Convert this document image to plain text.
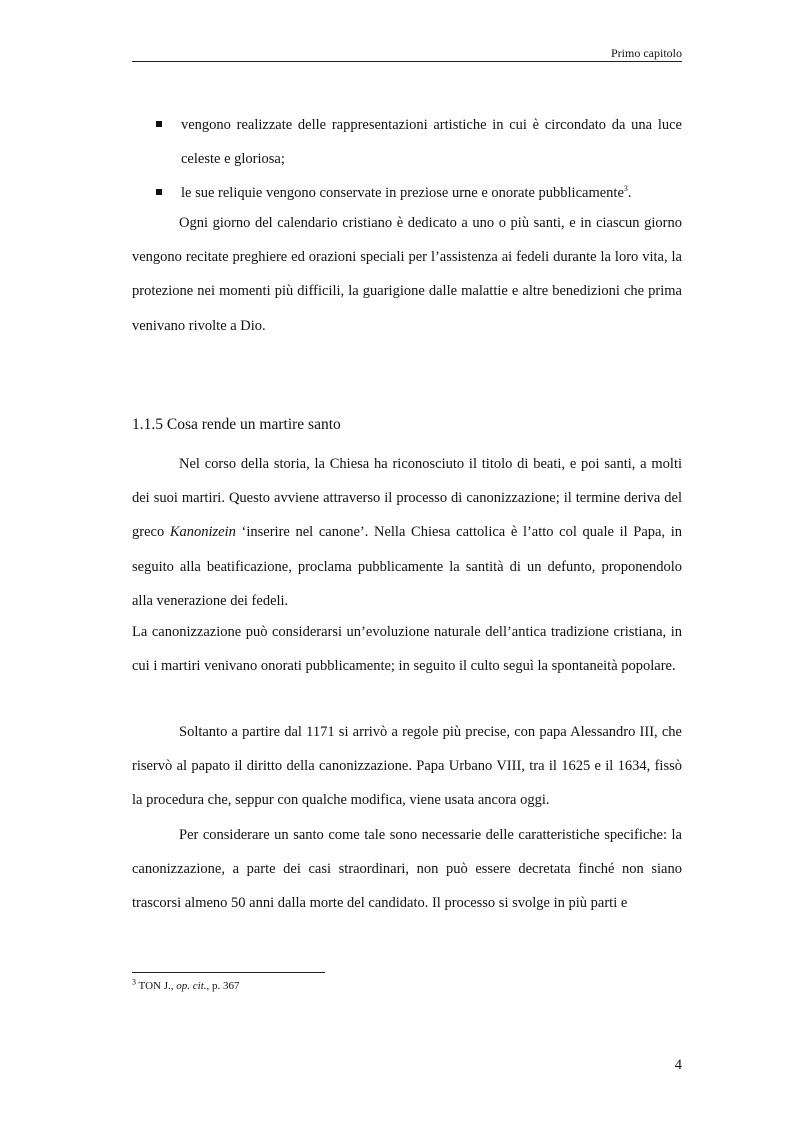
Primo capitolo
vengono realizzate delle rappresentazioni artistiche in cui è circondato da una luce celeste e gloriosa;
le sue reliquie vengono conservate in preziose urne e onorate pubblicamente$^3$.

Ogni giorno del calendario cristiano è dedicato a uno o più santi, e in ciascun giorno vengono recitate preghiere ed orazioni speciali per l’assistenza ai fedeli durante la loro vita, la protezione nei momenti più difficili, la guarigione dalle malattie e altre benedizioni che prima venivano rivolte a Dio.

1.1.5 Cosa rende un martire santo

Nel corso della storia, la Chiesa ha riconosciuto il titolo di beati, e poi santi, a molti dei suoi martiri. Questo avviene attraverso il processo di canonizzazione; il termine deriva del greco Kanonizein ‘inserire nel canone’. Nella Chiesa cattolica è l’atto col quale il Papa, in seguito alla beatificazione, proclama pubblicamente la santità di un defunto, proponendolo alla venerazione dei fedeli.

La canonizzazione può considerarsi un’evoluzione naturale dell’antica tradizione cristiana, in cui i martiri venivano onorati pubblicamente; in seguito il culto seguì la spontaneità popolare.

Soltanto a partire dal 1171 si arrivò a regole più precise, con papa Alessandro III, che riservò al papato il diritto della canonizzazione. Papa Urbano VIII, tra il 1625 e il 1634, fissò la procedura che, seppur con qualche modifica, viene usata ancora oggi.

Per considerare un santo come tale sono necessarie delle caratteristiche specifiche: la canonizzazione, a parte dei casi straordinari, non può essere decretata finché non siano trascorsi almeno 50 anni dalla morte del candidato. Il processo si svolge in più parti e

$^3$ TON J., op. cit., p. 367
4
